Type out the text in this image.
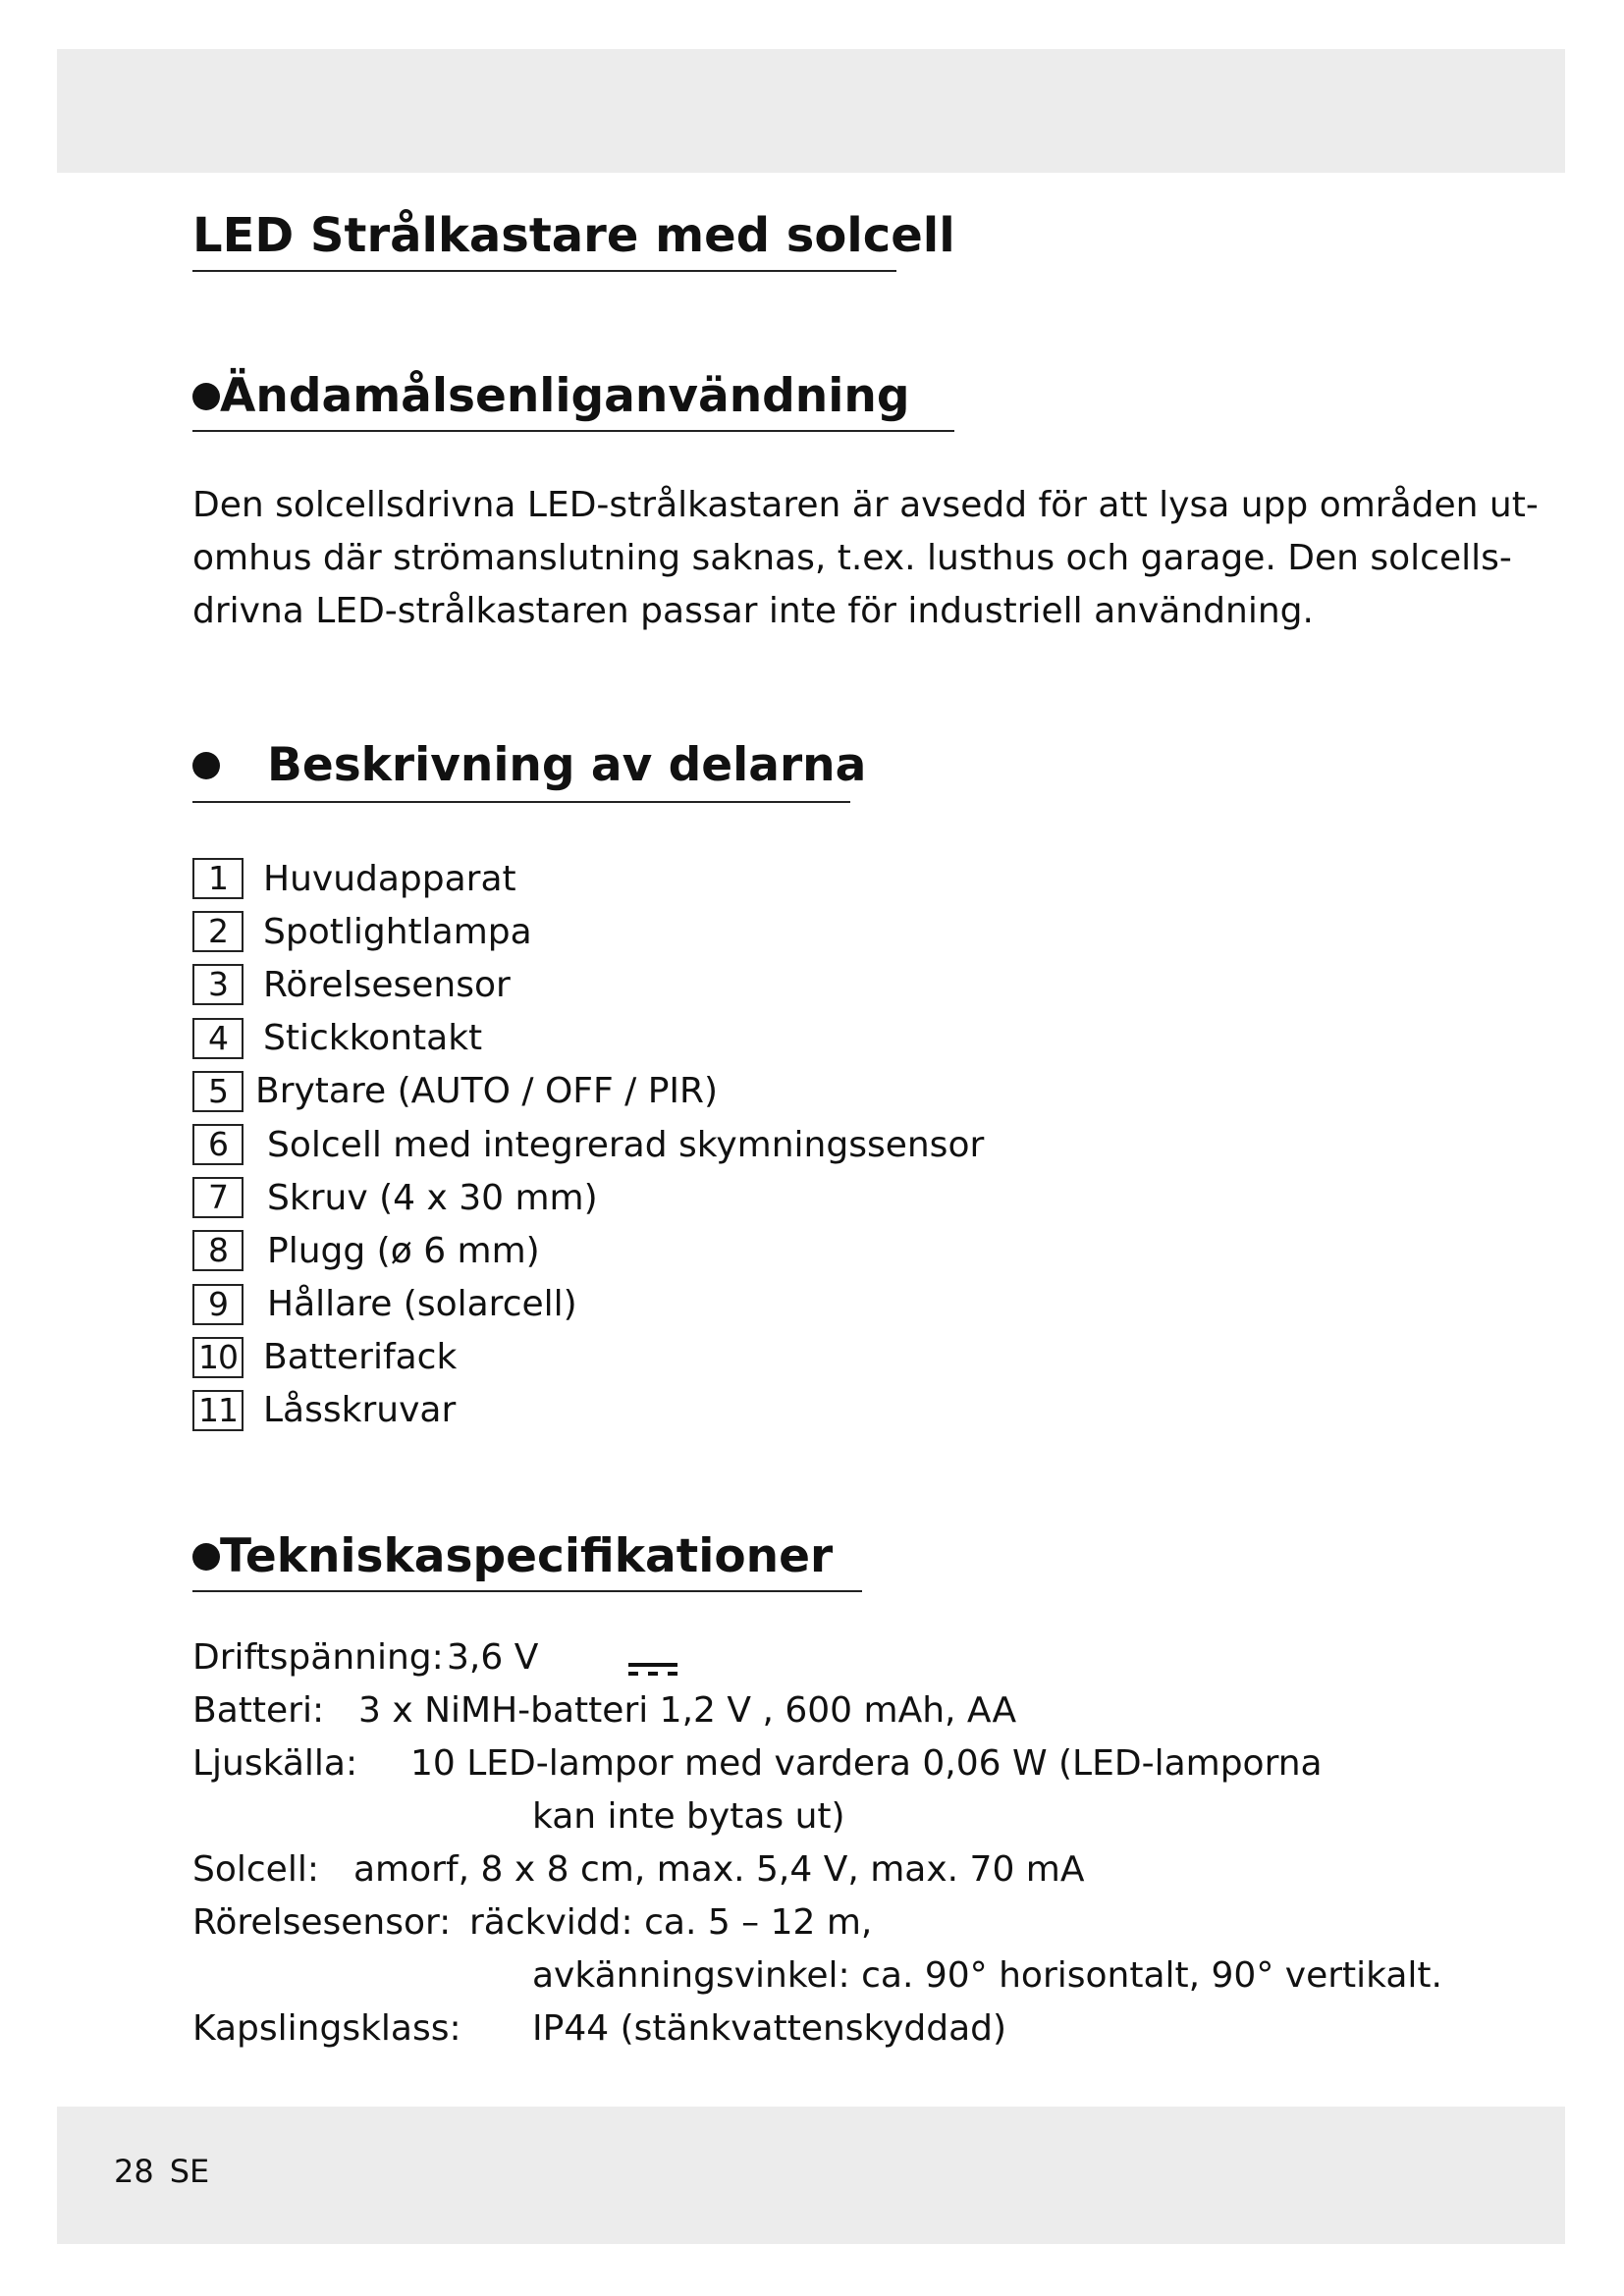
LED Strålkastare med solcell
Ändamålsenliganvändning

Den solcellsdrivna LED-strålkastaren är avsedd för att lysa upp områden ut-
omhus där strömanslutning saknas, t.ex. lusthus och garage. Den solcells-
drivna LED-strålkastaren passar inte för industriell användning.

Beskrivning av delarna
1	Huvudapparat
2	Spotlightlampa
3	Rörelsesensor
4	Stickkontakt
5 Brytare (AUTO / OFF / PIR)
6	Solcell med integrerad skymningssensor
7	Skruv (4 x 30 mm)
8	Plugg (ø 6 mm)
9	Hållare (solarcell)
10 Batterifack
11 Låsskruvar
Tekniskaspecifikationer
Driftspänning: 3,6 V
Batteri: 3 x NiMH-batteri 1,2 V , 600 mAh, AA
Ljuskälla: 10 LED-lampor med vardera 0,06 W (LED-lamporna
kan inte bytas ut)
Solcell: amorf, 8 x 8 cm, max. 5,4 V, max. 70 mA
Rörelsesensor: räckvidd: ca. 5 – 12 m,
avkänningsvinkel: ca. 90° horisontalt, 90° vertikalt.
Kapslingsklass: IP44 (stänkvattenskyddad)
28 SE
